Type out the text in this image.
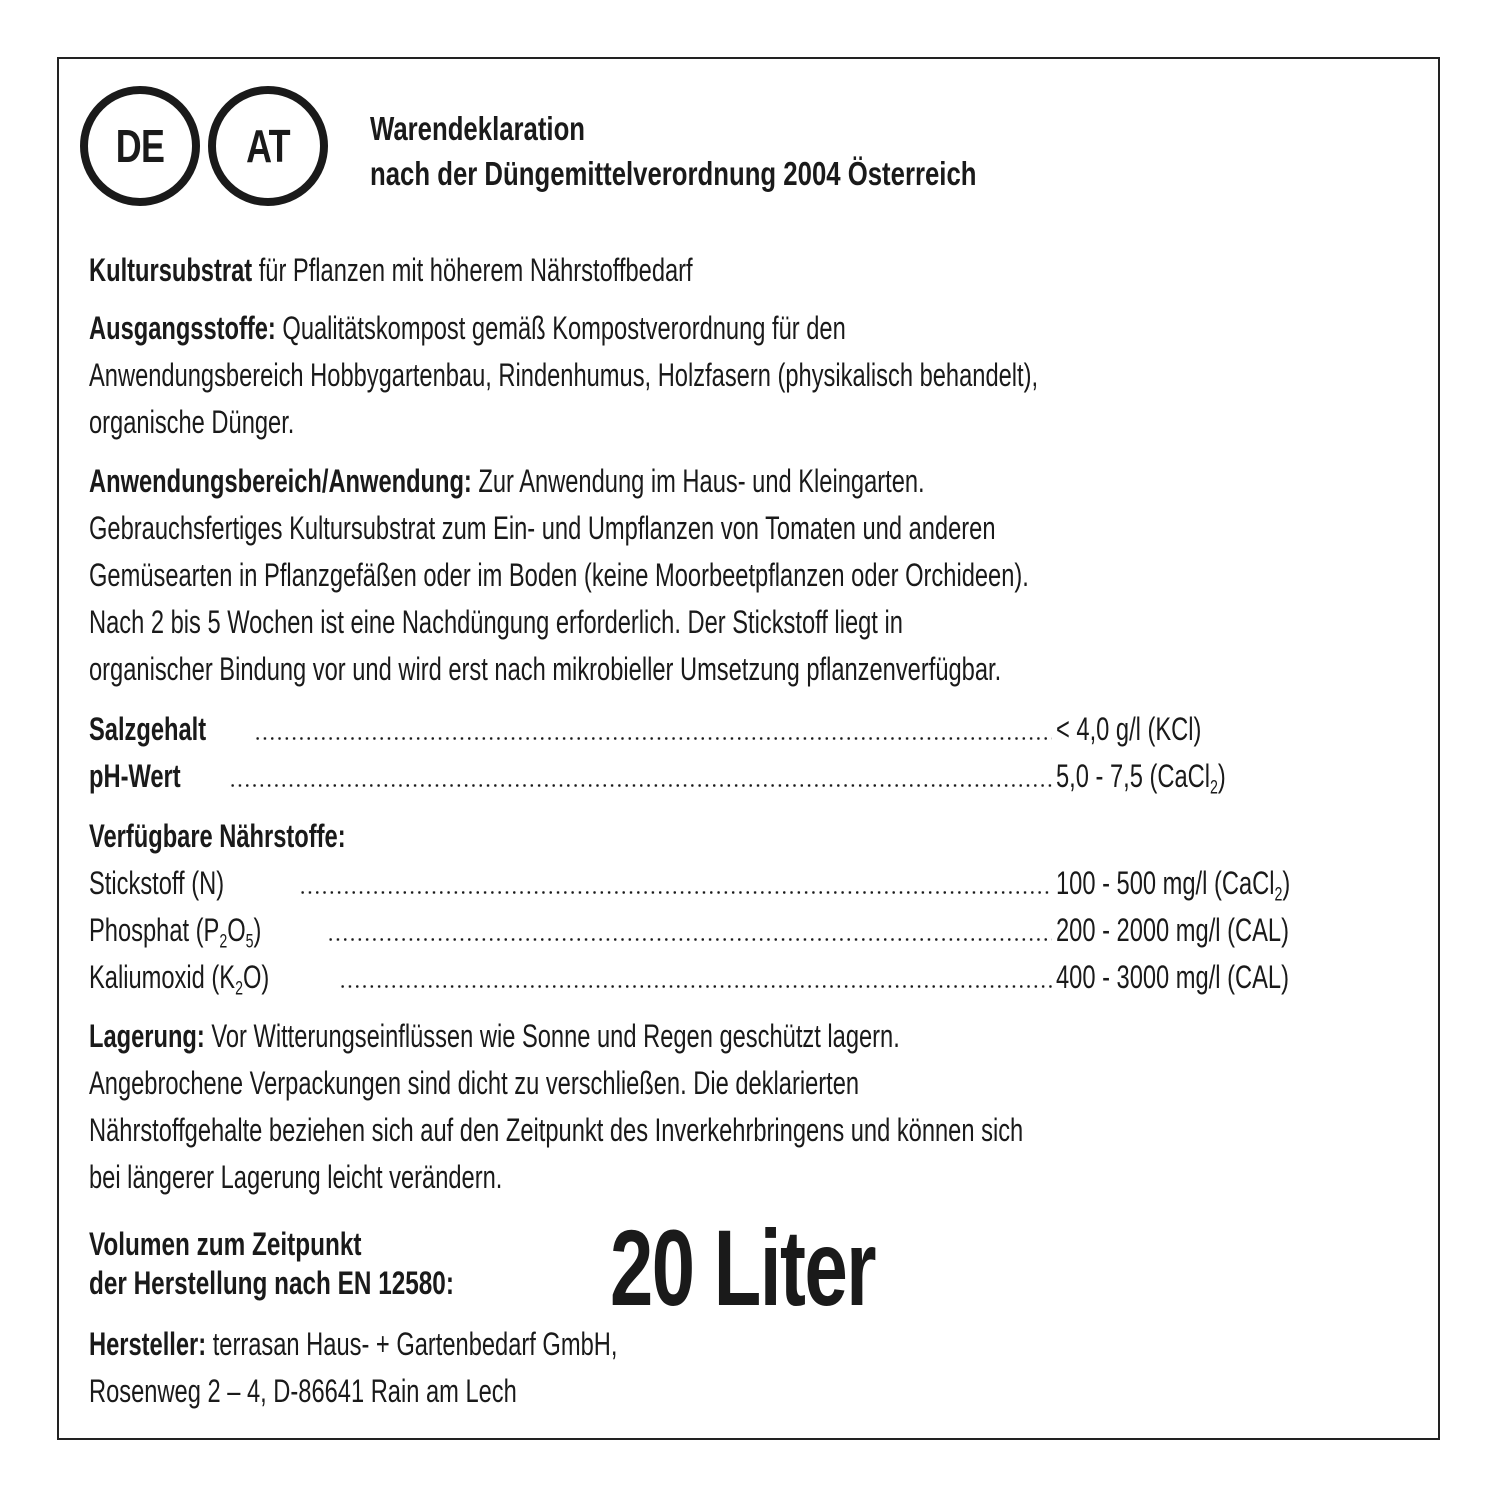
DE AT Warendeklaration
nach der Düngemittelverordnung 2004 Österreich
Kultursubstrat für Pflanzen mit höherem Nährstoffbedarf
Ausgangsstoffe: Qualitätskompost gemäß Kompostverordnung für den
Anwendungsbereich Hobbygartenbau, Rindenhumus, Holzfasern (physikalisch behandelt),
organische Dünger.
Anwendungsbereich/Anwendung: Zur Anwendung im Haus- und Kleingarten.
Gebrauchsfertiges Kultursubstrat zum Ein- und Umpflanzen von Tomaten und anderen
Gemüsearten in Pflanzgefäßen oder im Boden (keine Moorbeetpflanzen oder Orchideen).
Nach 2 bis 5 Wochen ist eine Nachdüngung erforderlich. Der Stickstoff liegt in
organischer Bindung vor und wird erst nach mikrobieller Umsetzung pflanzenverfügbar.
Salzgehalt	< 4,0 g/l (KCl)
pH-Wert	5,0 - 7,5 (CaCl$_2$)
Verfügbare Nährstoffe:
Stickstoff (N)	100 - 500 mg/l (CaCl$_2$)
Phosphat $(P_2O_5)$	200 - 2000 mg/l (CAL)
Kaliumoxid $(K_2O)$	400 - 3000 mg/l (CAL)
Lagerung: Vor Witterungseinflüssen wie Sonne und Regen geschützt lagern.
Angebrochene Verpackungen sind dicht zu verschließen. Die deklarierten
Nährstoffgehalte beziehen sich auf den Zeitpunkt des Inverkehrbringens und können sich
bei längerer Lagerung leicht verändern.
Volumen zum Zeitpunkt
der Herstellung nach EN 12580: 20 Liter
Hersteller: terrasan Haus- + Gartenbedarf GmbH,
Rosenweg 2 – 4, D-86641 Rain am Lech
